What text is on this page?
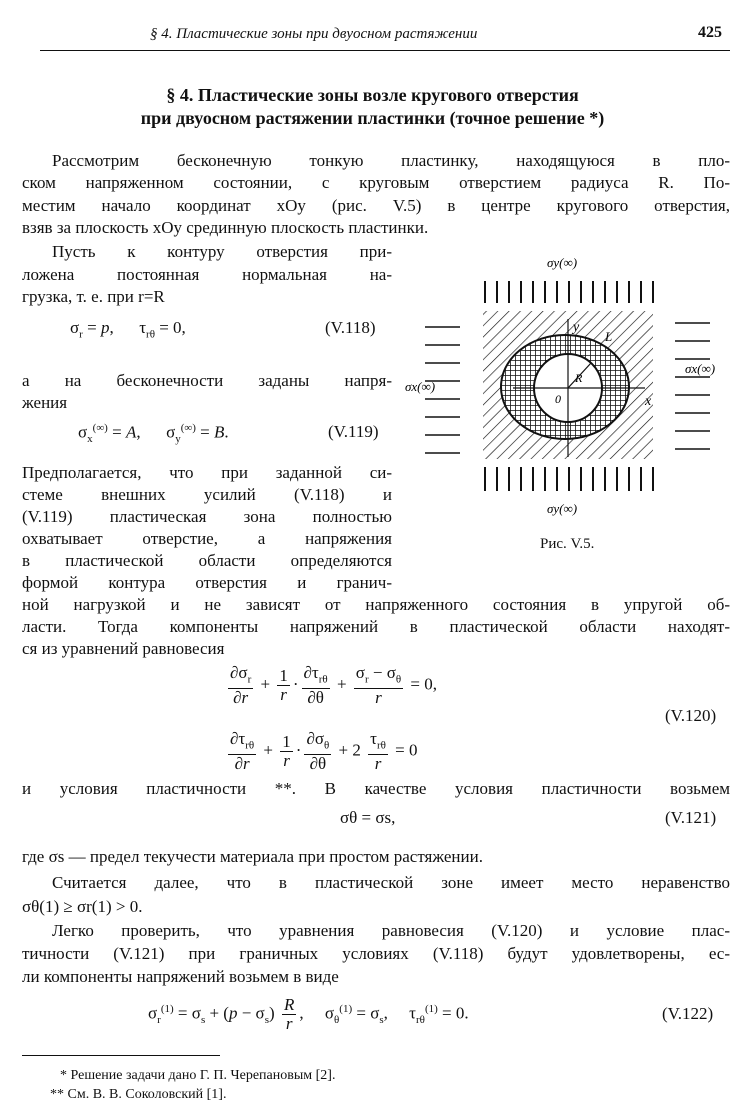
§ 4. Пластические зоны при двуосном растяжении	425
§ 4. Пластические зоны возле кругового отверстия
при двуосном растяжении пластинки (точное решение *)
Рассмотрим бесконечную тонкую пластинку, находящуюся в пло-
ском напряженном состоянии, с круговым отверстием радиуса R. По-
местим начало координат xOy (рис. V.5) в центре кругового отверстия,
взяв за плоскость xOy срединную плоскость пластинки.
Пусть к контуру отверстия при-
ложена постоянная нормальная на-
грузка, т. е. при r=R
$\sigma_r = p$,      $\tau_{r\theta} = 0$,	(V.118)
а на бесконечности заданы напря-
жения
$\sigma_x^{(\infty)} = A$,      $\sigma_y^{(\infty)} = B$.	(V.119)
Предполагается, что при заданной си-
стеме внешних усилий (V.118) и
(V.119) пластическая зона полностью
охватывает отверстие, а напряжения
в пластической области определяются
формой контура отверстия и гранич-
ной нагрузкой и не зависят от напряженного состояния в упругой об-
ласти. Тогда компоненты напряжений в пластической области находят-
ся из уравнений равновесия
$\frac{\partial\sigma_r}{\partial r} + \frac{1}{r} \cdot \frac{\partial\tau_{r\theta}}{\partial\theta} + \frac{\sigma_r - \sigma_\theta}{r} = 0$,
(V.120)
$\frac{\partial\tau_{r\theta}}{\partial r} + \frac{1}{r} \cdot \frac{\partial\sigma_\theta}{\partial\theta} + 2 \frac{\tau_{r\theta}}{r} = 0$
и условия пластичности **. В качестве условия пластичности возьмем
σθ = σs,	(V.121)
где σs — предел текучести материала при простом растяжении.
Считается далее, что в пластической зоне имеет место неравенство
σθ(1) ≥ σr(1) > 0.
Легко проверить, что уравнения равновесия (V.120) и условие плас-
тичности (V.121) при граничных условиях (V.118) будут удовлетворены, ес-
ли компоненты напряжений возьмем в виде
$\sigma_r^{(1)} = \sigma_s + (p - \sigma_s) \frac{R}{r}$ ,     $\sigma_\theta^{(1)} = \sigma_s$,     $\tau_{r\theta}^{(1)} = 0$.	(V.122)
* Решение задачи дано Г. П. Черепановым [2].
** См. В. В. Соколовский [1].
y
x
R
0
L
σy(∞)
σy(∞)
σx(∞)
σx(∞)
Рис. V.5.
